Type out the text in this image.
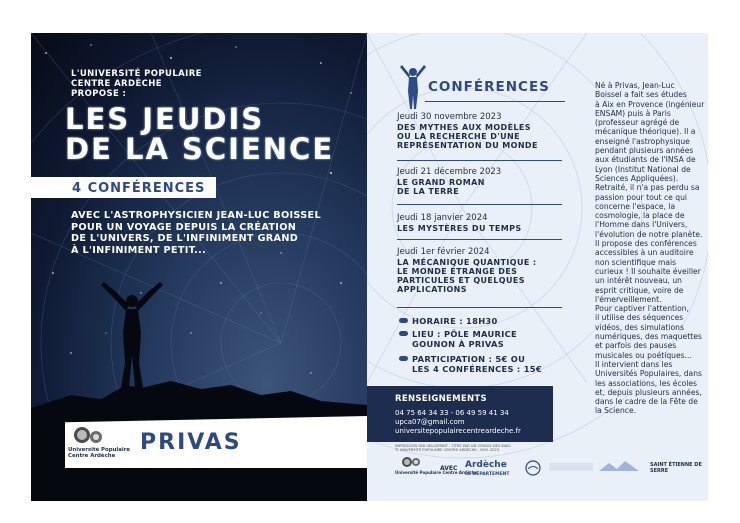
L'UNIVERSITÉ POPULAIRE
CENTRE ARDÈCHE
PROPOSE :
LES JEUDIS
DE LA SCIENCE
4 CONFÉRENCES
AVEC L'ASTROPHYSICIEN JEAN-LUC BOISSEL
POUR UN VOYAGE DEPUIS LA CRÉATION
DE L'UNIVERS, DE L'INFINIMENT GRAND
À L'INFINIMENT PETIT...
Université Populaire
Centre Ardèche
PRIVAS
CONFÉRENCES
Jeudi 30 novembre 2023
DES MYTHES AUX MODÈLES
OU LA RECHERCHE D'UNE
REPRÉSENTATION DU MONDE
Jeudi 21 décembre 2023
LE GRAND ROMAN
DE LA TERRE
Jeudi 18 janvier 2024
LES MYSTÈRES DU TEMPS
Jeudi 1er février 2024
LA MÉCANIQUE QUANTIQUE :
LE MONDE ÉTRANGE DES
PARTICULES ET QUELQUES
APPLICATIONS
HORAIRE : 18H30
LIEU : PÔLE MAURICE
GOUNON À PRIVAS
PARTICIPATION : 5€ OU
LES 4 CONFÉRENCES : 15€
RENSEIGNEMENTS
04 75 64 34 33 - 06 49 59 41 34
upca07@gmail.com
universitepopulairecentreardeche.fr
IMPRESSION PAR HELIOPRINT - TITRE PAR UN VOYAGE DES BIAIS
© UNIVERSITÉ POPULAIRE CENTRE ARDÈCHE - NOV. 2023
Université Populaire Centre Ardèche
AVEC Ardèche
LE DÉPARTEMENT
SAINT ÉTIENNE DE SERRE
Né à Privas, Jean-Luc
Boissel a fait ses études
à Aix en Provence (ingénieur
ENSAM) puis à Paris
(professeur agrégé de
mécanique théorique). Il a
enseigné l'astrophysique
pendant plusieurs années
aux étudiants de l'INSA de
Lyon (Institut National de
Sciences Appliquées).
Retraité, il n'a pas perdu sa
passion pour tout ce qui
concerne l'espace, la
cosmologie, la place de
l'Homme dans l'Univers,
l'évolution de notre planète.
Il propose des conférences
accessibles à un auditoire
non scientifique mais
curieux ! Il souhaite éveiller
un intérêt nouveau, un
esprit critique, voire de
l'émerveillement.
Pour captiver l'attention,
il utilise des séquences
vidéos, des simulations
numériques, des maquettes
et parfois des pauses
musicales ou poétiques...
Il intervient dans les
Universités Populaires, dans
les associations, les écoles
et, depuis plusieurs années,
dans le cadre de la Fête de
la Science.
